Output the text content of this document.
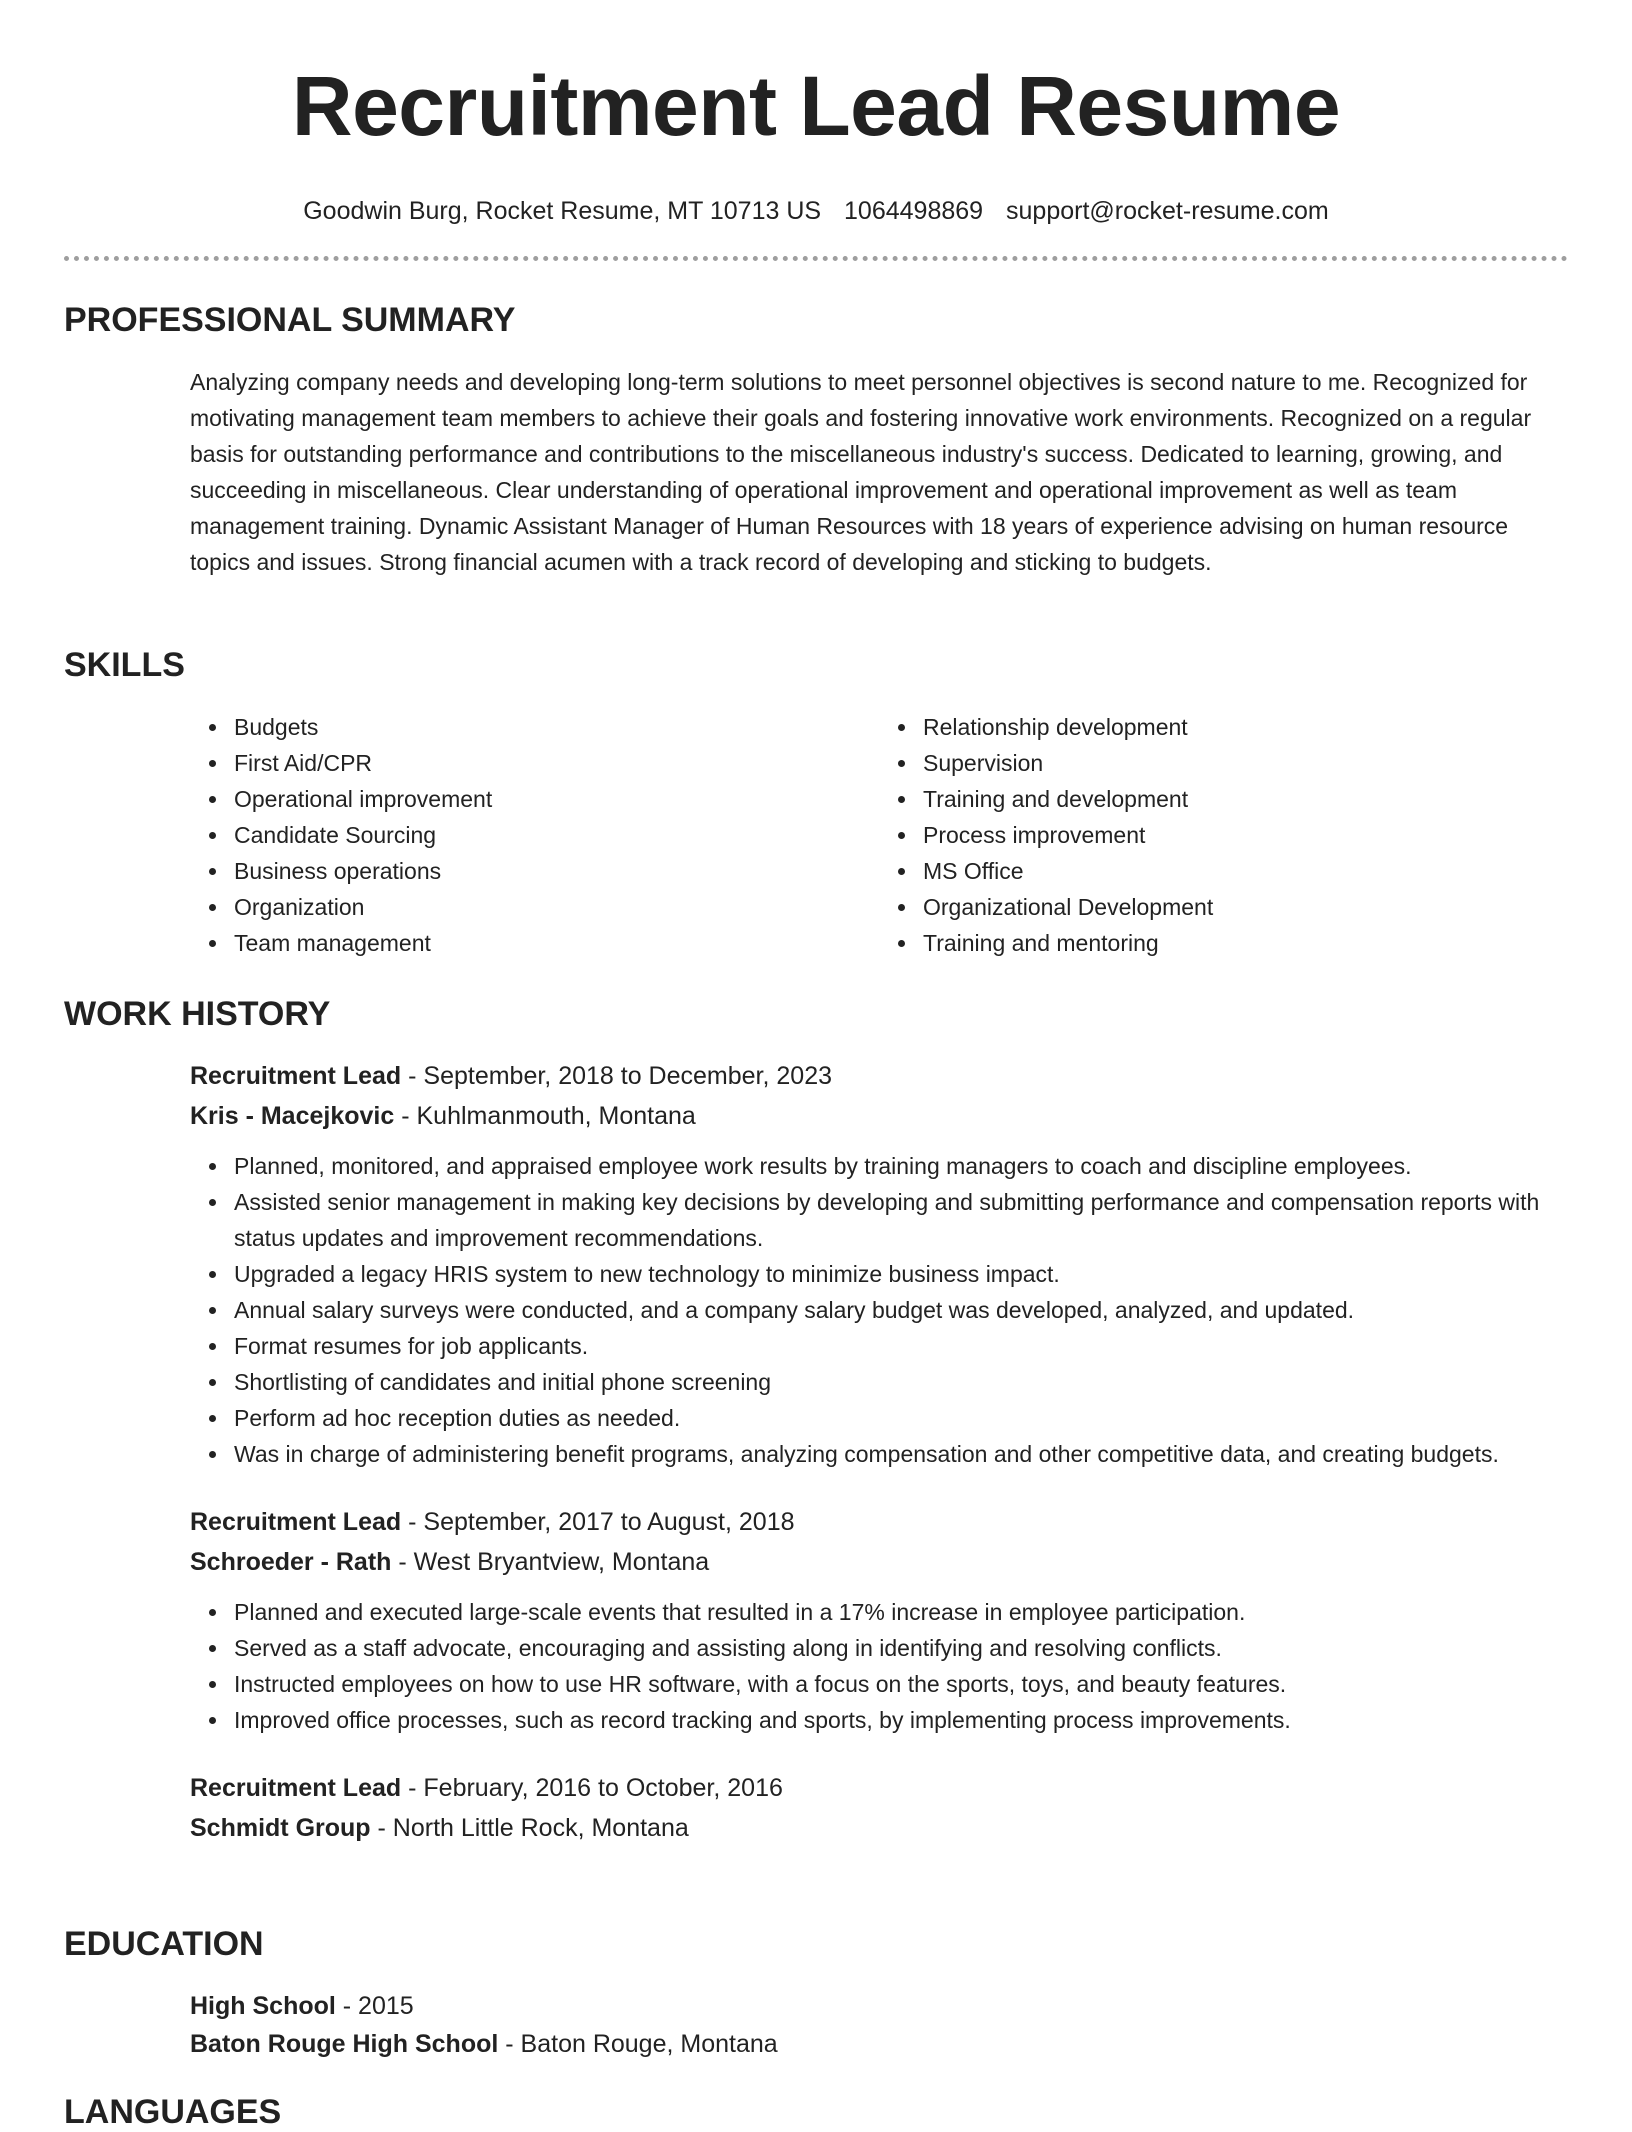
Recruitment Lead Resume
Goodwin Burg, Rocket Resume, MT 10713 US 1064498869 support@rocket-resume.com
PROFESSIONAL SUMMARY

Analyzing company needs and developing long-term solutions to meet personnel objectives is second nature to me. Recognized for motivating management team members to achieve their goals and fostering innovative work environments. Recognized on a regular basis for outstanding performance and contributions to the miscellaneous industry's success. Dedicated to learning, growing, and succeeding in miscellaneous. Clear understanding of operational improvement and operational improvement as well as team management training. Dynamic Assistant Manager of Human Resources with 18 years of experience advising on human resource topics and issues. Strong financial acumen with a track record of developing and sticking to budgets.

SKILLS
Budgets
First Aid/CPR
Operational improvement
Candidate Sourcing
Business operations
Organization
Team management
Relationship development
Supervision
Training and development
Process improvement
MS Office
Organizational Development
Training and mentoring
WORK HISTORY
Recruitment Lead - September, 2018 to December, 2023
Kris - Macejkovic - Kuhlmanmouth, Montana
Planned, monitored, and appraised employee work results by training managers to coach and discipline employees.
Assisted senior management in making key decisions by developing and submitting performance and compensation reports with status updates and improvement recommendations.
Upgraded a legacy HRIS system to new technology to minimize business impact.
Annual salary surveys were conducted, and a company salary budget was developed, analyzed, and updated.
Format resumes for job applicants.
Shortlisting of candidates and initial phone screening
Perform ad hoc reception duties as needed.
Was in charge of administering benefit programs, analyzing compensation and other competitive data, and creating budgets.
Recruitment Lead - September, 2017 to August, 2018
Schroeder - Rath - West Bryantview, Montana
Planned and executed large-scale events that resulted in a 17% increase in employee participation.
Served as a staff advocate, encouraging and assisting along in identifying and resolving conflicts.
Instructed employees on how to use HR software, with a focus on the sports, toys, and beauty features.
Improved office processes, such as record tracking and sports, by implementing process improvements.
Recruitment Lead - February, 2016 to October, 2016
Schmidt Group - North Little Rock, Montana
EDUCATION
High School - 2015
Baton Rouge High School - Baton Rouge, Montana
LANGUAGES
